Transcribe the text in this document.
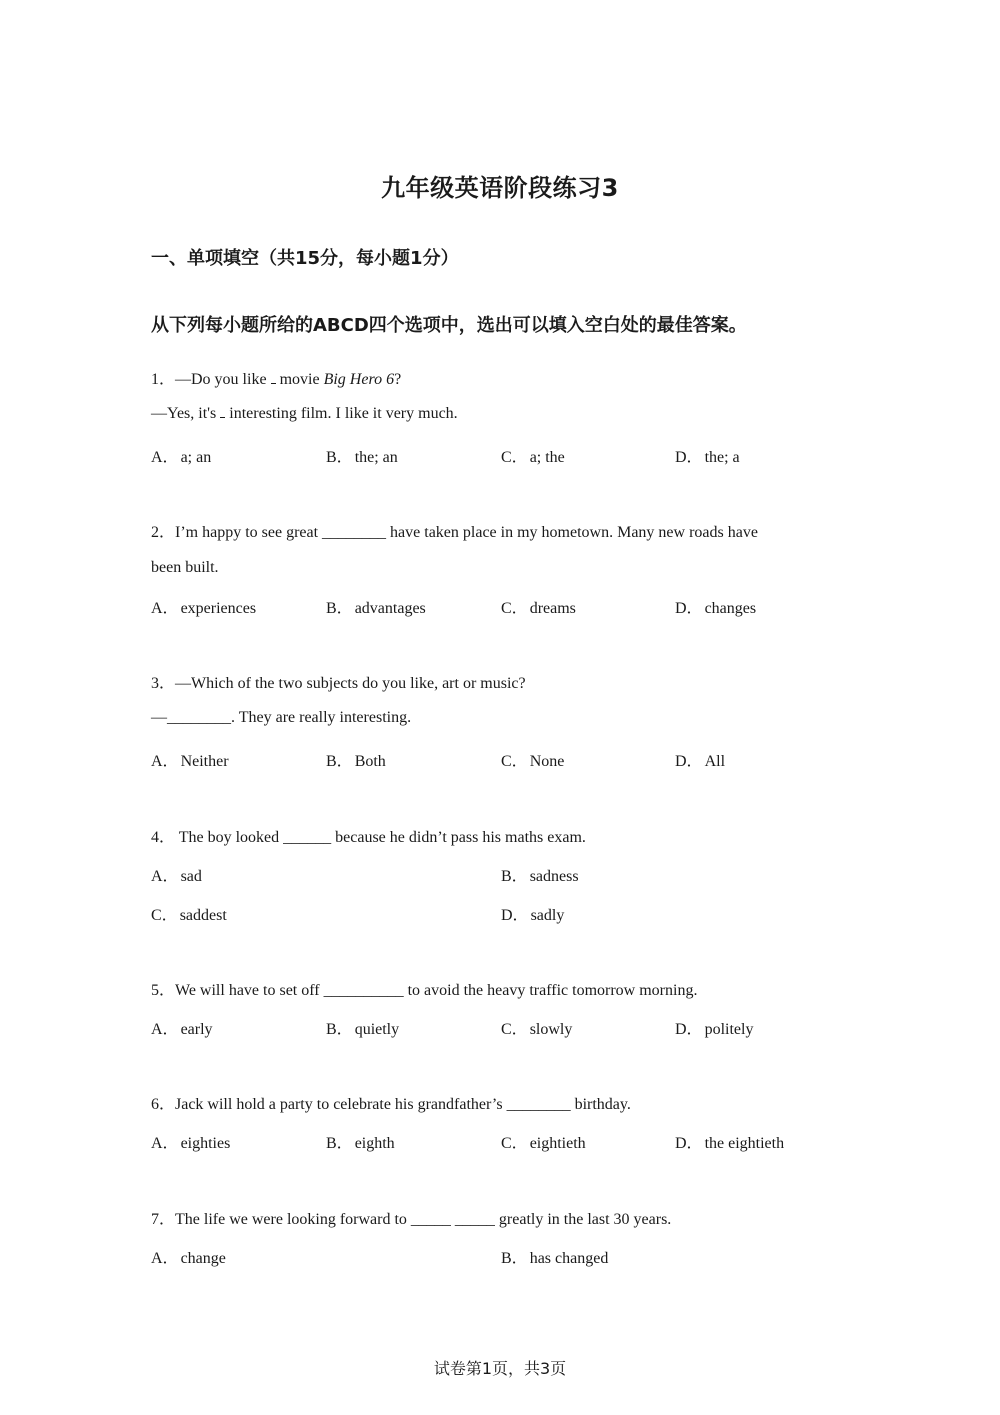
九年级英语阶段练习3
一、单项填空（共15分，每小题1分）
从下列每小题所给的ABCD四个选项中，选出可以填入空白处的最佳答案。
1．—Do you like  movie Big Hero 6?
—Yes, it's  interesting film. I like it very much.
A． a; an	B． the; an	C． a; the	D． the; a
2．I’m happy to see great ________ have taken place in my hometown. Many new roads have
been built.
A． experiences	B． advantages	C． dreams	D． changes
3．—Which of the two subjects do you like, art or music?
—________. They are really interesting.
A． Neither	B． Both	C． None	D． All
4． The boy looked ______ because he didn’t pass his maths exam.
A． sad	B． sadness
C． saddest	D． sadly
5．We will have to set off __________ to avoid the heavy traffic tomorrow morning.
A． early	B． quietly	C． slowly	D． politely
6．Jack will hold a party to celebrate his grandfather’s ________ birthday.
A． eighties	B． eighth	C． eightieth	D． the eightieth
7．The life we were looking forward to _____ _____ greatly in the last 30 years.
A． change	B． has changed
试卷第1页，共3页
